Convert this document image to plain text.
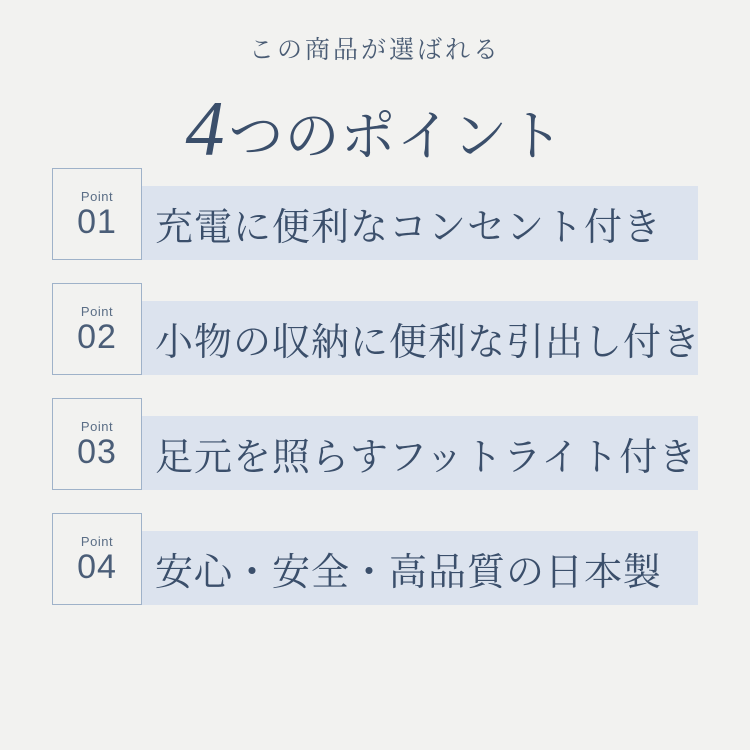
この商品が選ばれる
4つのポイント
Point
01 充電に便利なコンセント付き
Point
02 小物の収納に便利な引出し付き
Point
03 足元を照らすフットライト付き
Point
04 安心・安全・高品質の日本製
